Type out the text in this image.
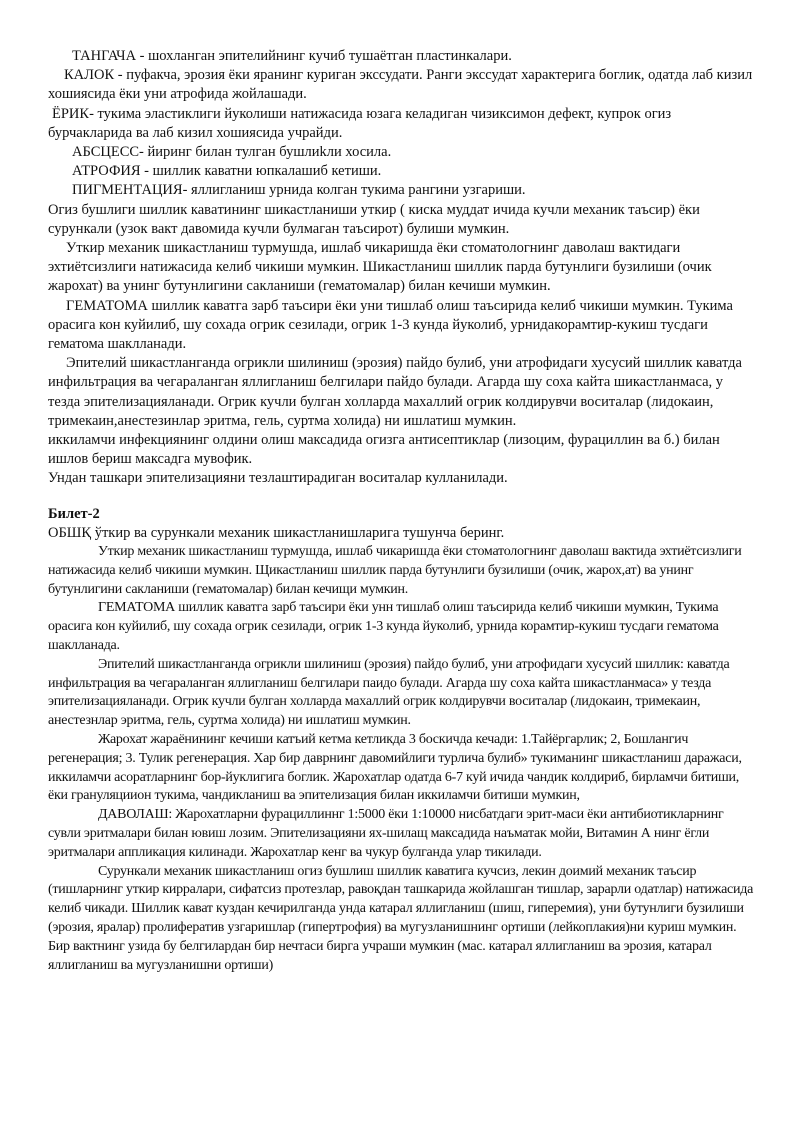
ТАНГАЧА - шохланган эпителийнинг кучиб тушаётган пластинкалари.

КАЛОК - пуфакча, эрозия ёки яранинг куриган экссудати. Ранги экссудат характерига боглик, одатда лаб кизил хошиясида ёки уни атрофида жойлашади.

ЁРИК- тукима эластиклиги йуколиши натижасида юзага келадиган чизиксимон дефект, купрок огиз бурчакларида ва лаб кизил хошиясида учрайди.

АБСЦЕСС- йиринг билан тулган бушлиkли хосила.

АТРОФИЯ - шиллик каватни юпкалашиб кетиши.

ПИГМЕНТАЦИЯ- яллигланиш урнида колган тукима рангини узгариши.

Огиз бушлиги шиллик кавaтининг шикастланиши уткир ( киска муддат ичида кучли механик таъсир) ёки сурункали (узок вакт давомида кучли булмаган таъсирот) булиши мумкин.

Уткир механик шикастланиш турмушда, ишлаб чикаришда ёки стоматологнинг даволаш вактидаги эхтиётсизлиги натижасида келиб чикиши мумкин. Шикастланиш шиллик парда бутунлиги бузилиши (очик жарохат) ва унинг бутунлигини сакланиши (гематомалар) билан кечиши мумкин.

ГЕМАТОМА шиллик каватга зарб таъсири ёки уни тишлаб олиш таъсирида келиб чикиши мумкин. Тукима орасига кон куйилиб, шу сохада огрик сезилади, огрик 1-3 кунда йуколиб, урнидакорамтир-кукиш тусдаги гематома шаклланади.

Эпителий шикастланганда огрикли шилиниш (эрозия) пайдо булиб, уни атрофидаги хусусий шиллик каватда инфильтрация ва чегараланган яллигланиш белгилари пайдо булади. Агарда шу соха кайта шикастланмаса, у тезда эпителизацияланади. Огрик кучли булган холларда махаллий огрик колдирувчи воситалар (лидокаин, тримекаин,анестезинлар эритма, гель, суртма холида) ни ишлатиш мумкин.

иккиламчи инфекциянинг олдини олиш максадида огизга антисептиклар (лизоцим, фурациллин ва б.) билан ишлов бериш максадга мувофик.

Ундан ташкари эпителизацияни тезлаштирадиган воситалар кулланилади.

Билет-2

ОБШҚ ўткир ва сурункали механик шикастланишларига тушунча беринг.

Уткир механик шикастланиш турмушда, ишлаб чикаришда ёки стоматологнинг даволаш вактида эхтиётсизлиги натижасида келиб чикиши мумкин. Щикастланиш шиллик парда бутунлиги бузилиши (очик, жарох,ат) ва унинг бутунлигини сакланиши (гематомалар) билан кечищи мумкин.

ГЕМАТОМА шиллик каватга зарб таъсири ёки унн тишлаб олиш таъсирида келиб чикиши мумкин, Тукима орасига кон куйилиб, шу сохада огрик сезилади, огрик 1-3 кунда йуколиб, урнида корамтир-кукиш тусдаги гематома шаклланада.

Эпителий шикастланганда огрикли шилиниш (эрозия) пайдо булиб, уни атрофидаги хусусий шиллик: каватда инфильтрация ва чегараланган яллигланиш белгилари паидо булади. Агарда шу соха кайта шикастланмаса» у тезда эпителизацияланади. Огрик кучли булган холларда махаллий огрик колдирувчи воситалар (лидокаин, тримекаин, анестезнлар эритма, гель, суртма холида) ни ишлатиш мумкин.

Жарохат жараёнининг кечиши катъий кетма кетликда 3 боскичда кечади: 1.Тайёргарлик; 2, Бошлангич регенерация; 3. Тулик регенерация. Хар бир даврнинг давомийлиги турлича булиб» тукиманинг шикастланиш даражаси, иккиламчи асоратларнинг бор-йуклигига боглик. Жарохатлар одатда 6-7 куй ичида чандик колдириб, бирламчи битиши, ёки грануляциион тукима, чандикланиш ва эпителизация билан иккиламчи битиши мумкин,

ДАВОЛАШ: Жарохатларни фурациллиннг 1:5000 ёки 1:10000 нисбатдаги эрит-маси ёки антибиотикларнинг сувли эритмалари билан ювиш лозим. Эпителизацияни ях-шилащ максадида наъматак мойи, Витамин А нинг ёгли эритмалари аппликация килинади. Жарохатлар кенг ва чукур булганда улар тикилади.

Сурункали механик шикастланиш огиз бушлиш шиллик каватига кучсиз, лекин доимий механик таъсир (тишларнинг уткир кирралари, сифатсиз протезлар, равоқдан ташкарида жойлашган тишлар, зарарли одатлар) натижасида келиб чикади. Шиллик кават куздан кечирилганда унда катарал яллигланиш (шиш, гиперемия), уни бутунлиги бузилиши (эрозия, яралар) пролифератив узгаришлар (гипертрофия) ва мугузланишнинг ортиши (лейкоплакия)ни куриш мумкин. Бир вактнинг узида бу белгилардан бир нечтаси бирга учраши мумкин (мас. катарал яллигланиш ва эрозия, катарал яллигланиш ва мугузланишни ортиши)
